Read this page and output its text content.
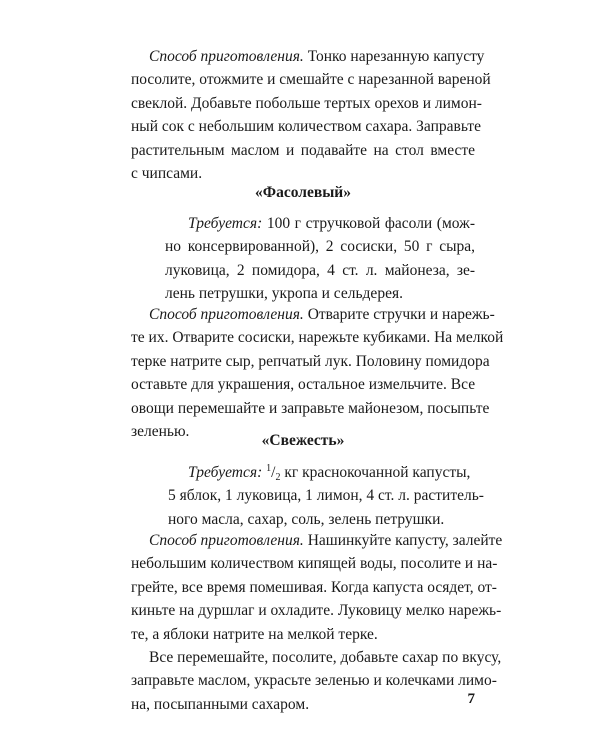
Способ приготовления. Тонко нарезанную капусту
посолите, отожмите и смешайте с нарезанной вареной
свеклой. Добавьте побольше тертых орехов и лимон-
ный сок с небольшим количеством сахара. Заправьте
растительным маслом и подавайте на стол вместе
с чипсами.
«Фасолевый»
Требуется: 100 г стручковой фасоли (мож-
но консервированной), 2 сосиски, 50 г сыра,
луковица, 2 помидора, 4 ст. л. майонеза, зе-
лень петрушки, укропа и сельдерея.
Способ приготовления. Отварите стручки и нарежь-
те их. Отварите сосиски, нарежьте кубиками. На мелкой
терке натрите сыр, репчатый лук. Половину помидора
оставьте для украшения, остальное измельчите. Все
овощи перемешайте и заправьте майонезом, посыпьте
зеленью.
«Свежесть»
Требуется: $^1/_2$ кг краснокочанной капусты,
5 яблок, 1 луковица, 1 лимон, 4 ст. л. раститель-
ного масла, сахар, соль, зелень петрушки.
Способ приготовления. Нашинкуйте капусту, залейте
небольшим количеством кипящей воды, посолите и на-
грейте, все время помешивая. Когда капуста осядет, от-
киньте на дуршлаг и охладите. Луковицу мелко нарежь-
те, а яблоки натрите на мелкой терке.
Все перемешайте, посолите, добавьте сахар по вкусу,
заправьте маслом, украсьте зеленью и колечками лимо-
на, посыпанными сахаром.	7
